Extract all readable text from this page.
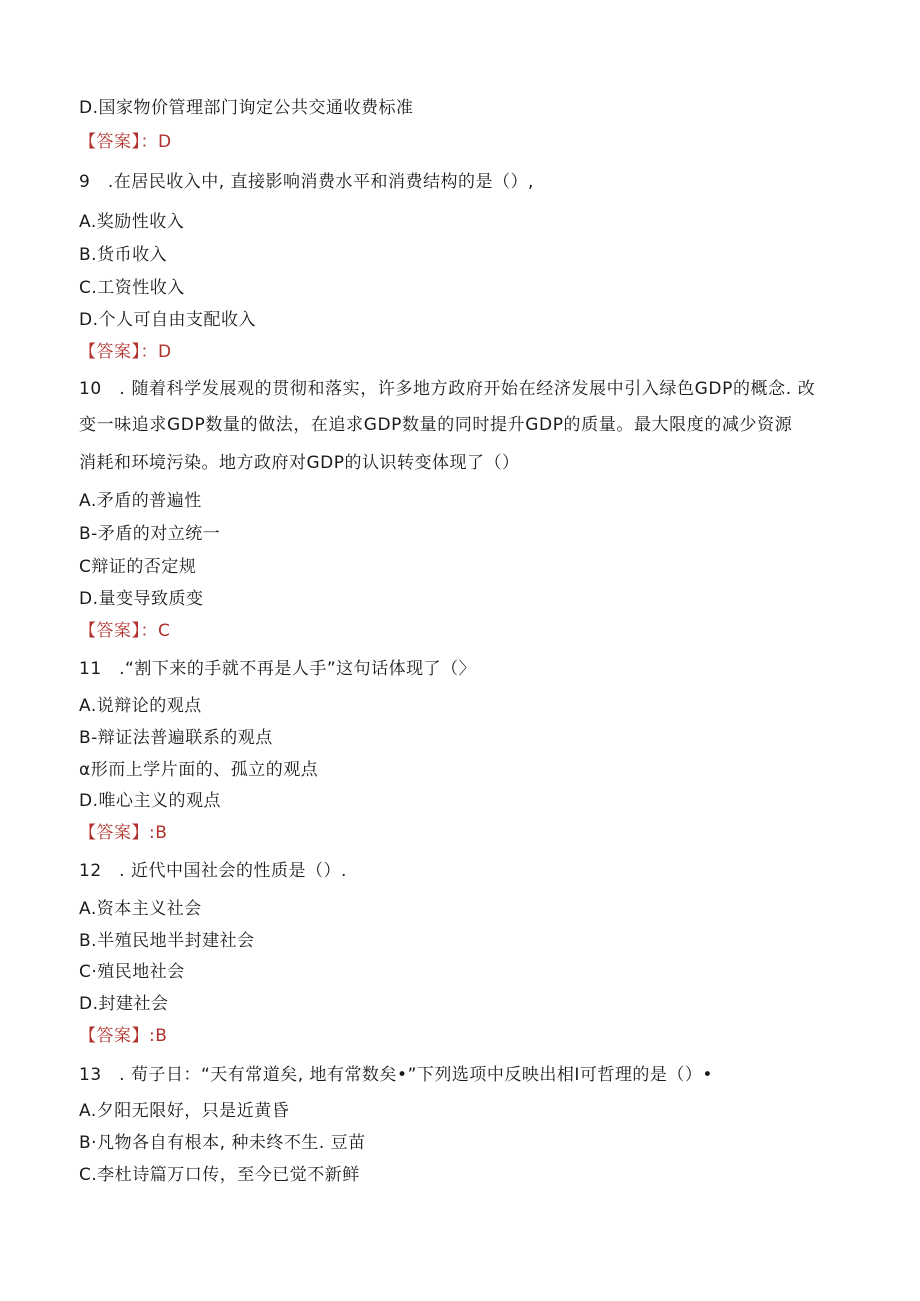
D.国家物价管理部门询定公共交通收费标准
【答案】：D
9　.在居民收入中, 直接影响消费水平和消费结构的是（）,
A.奖励性收入
B.货币收入
C.工资性收入
D.个人可自由支配收入
【答案】：D
10　. 随着科学发展观的贯彻和落实，许多地方政府开始在经济发展中引入绿色GDP的概念. 改
变一味追求GDP数量的做法，在追求GDP数量的同时提升GDP的质量。最大限度的减少资源
消耗和环境污染。地方政府对GDP的认识转变体现了（）
A.矛盾的普遍性
B-矛盾的对立统一
C辩证的否定规
D.量变导致质变
【答案】：C
11　.“割下来的手就不再是人手”这句话体现了（〉
A.说辩论的观点
B-辩证法普遍联系的观点
α形而上学片面的、孤立的观点
D.唯心主义的观点
【答案】:B
12　. 近代中国社会的性质是（）.
A.资本主义社会
B.半殖民地半封建社会
C·殖民地社会
D.封建社会
【答案】:B
13　. 荀子日：“天有常道矣, 地有常数矣•”下列选项中反映出相I可哲理的是（）•
A.夕阳无限好，只是近黄昏
B·凡物各自有根本, 种未终不生. 豆苗
C.李杜诗篇万口传，至今已觉不新鲜
